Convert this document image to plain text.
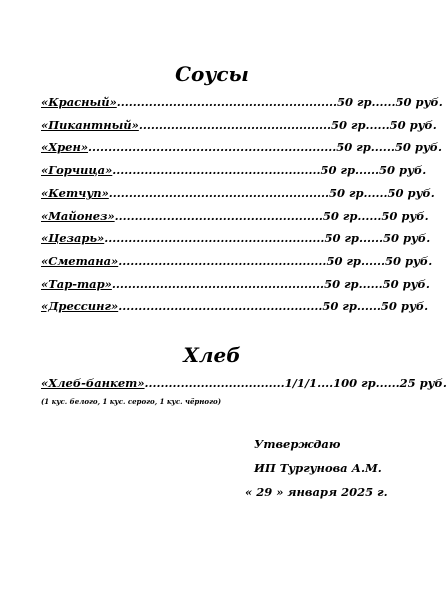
Соусы
«Красный».......................................................50 гр......50 руб.
«Пикантный»................................................50 гр......50 руб.
«Хрен»..............................................................50 гр......50 руб.
«Горчица»....................................................50 гр......50 руб.
«Кетчуп».......................................................50 гр......50 руб.
«Майонез»....................................................50 гр......50 руб.
«Цезарь».......................................................50 гр......50 руб.
«Сметана»....................................................50 гр......50 руб.
«Тар-тар».....................................................50 гр......50 руб.
«Дрессинг»...................................................50 гр......50 руб.
Хлеб
«Хлеб-банкет»...................................1/1/1....100 гр......25 руб.
(1 кус. белого, 1 кус. серого, 1 кус. чёрного)
Утверждаю
ИП Тургунова А.М.
« 29 » января 2025 г.
